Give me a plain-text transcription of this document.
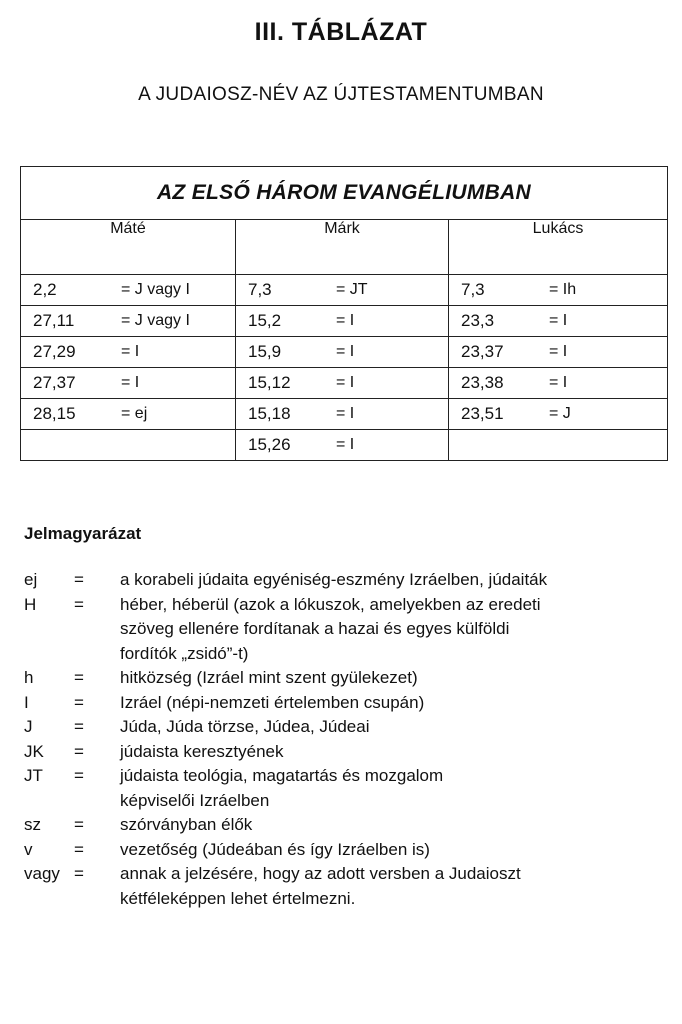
III. TÁBLÁZAT
A JUDAIOSZ-NÉV AZ ÚJTESTAMENTUMBAN
AZ ELSŐ HÁROM EVANGÉLIUMBAN		
Máté	Márk	Lukács

2,2 = J vagy I	7,3 = JT	7,3 = Ih

27,11 = J vagy I	15,2 = I	23,3 = I

27,29 = I	15,9 = I	23,37 = I

27,37 = I	15,12 = I	23,38 = I

28,15 = ej	15,18 = I	23,51 = J

	15,26 = I	

Jelmagyarázat
ej	=	a korabeli júdaita egyéniség-eszmény Izráelben, júdaiták
H	=	héber, héberül (azok a lókuszok, amelyekben az eredeti
szöveg ellenére fordítanak a hazai és egyes külföldi
fordítók „zsidó”-t)
h	=	hitközség (Izráel mint szent gyülekezet)
I	=	Izráel (népi-nemzeti értelemben csupán)
J	=	Júda, Júda törzse, Júdea, Júdeai
JK	=	júdaista keresztyének
JT	=	júdaista teológia, magatartás és mozgalom
képviselői Izráelben
sz	=	szórványban élők
v	=	vezetőség (Júdeában és így Izráelben is)
vagy =	annak a jelzésére, hogy az adott versben a Judaioszt
kétféleképpen lehet értelmezni.
